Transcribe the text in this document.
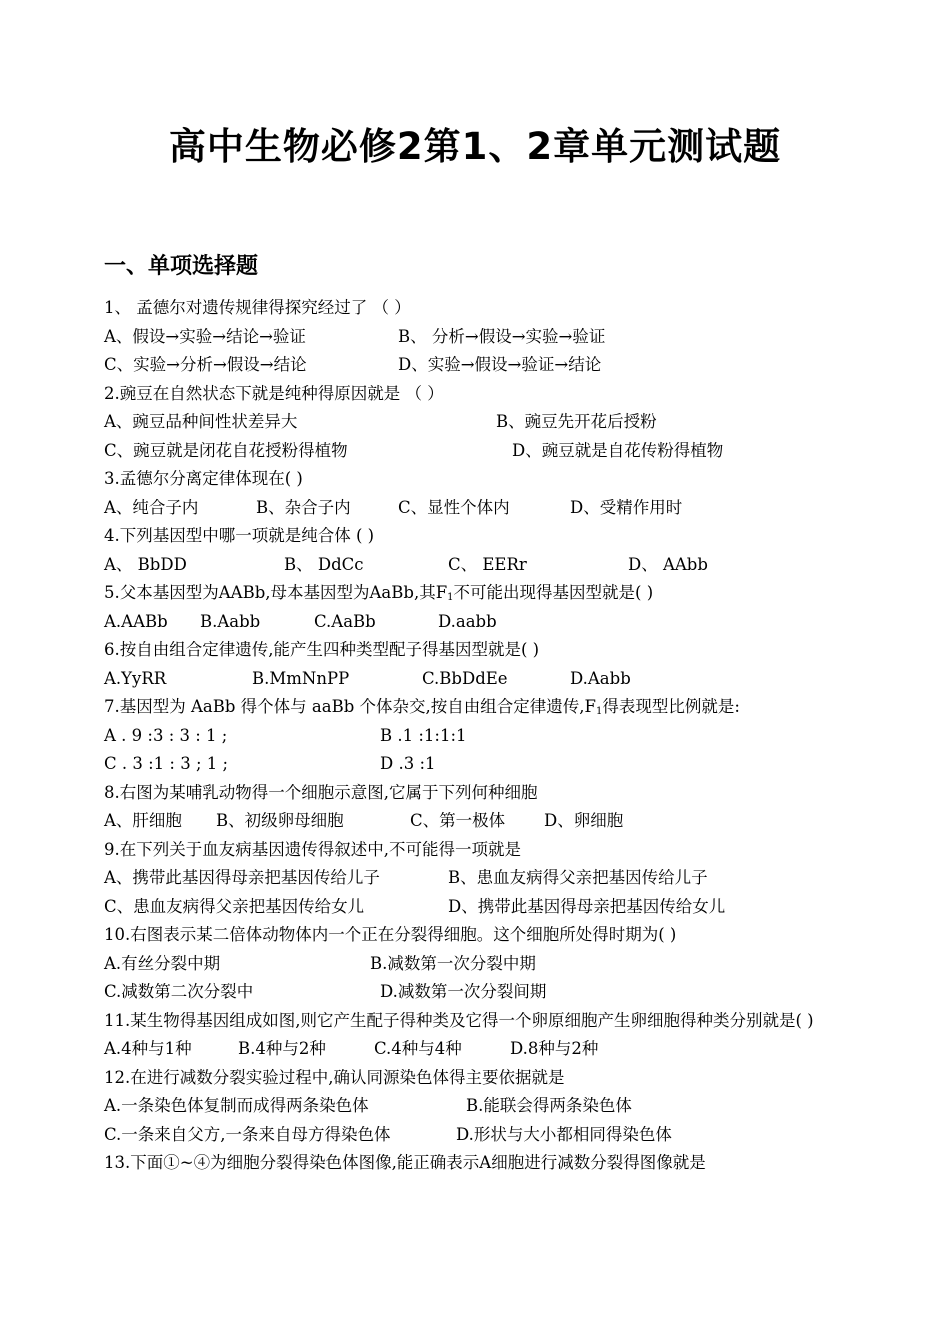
高中生物必修2第1、2章单元测试题
一、单项选择题
1、 孟德尔对遗传规律得探究经过了 （ ）
A、假设→实验→结论→验证	B、 分析→假设→实验→验证
C、实验→分析→假设→结论	D、实验→假设→验证→结论
2.豌豆在自然状态下就是纯种得原因就是 （ ）
A、豌豆品种间性状差异大	B、豌豆先开花后授粉
C、豌豆就是闭花自花授粉得植物	D、豌豆就是自花传粉得植物
3.孟德尔分离定律体现在( )
A、纯合子内	B、杂合子内	C、显性个体内	D、受精作用时
4.下列基因型中哪一项就是纯合体 ( )
A、 BbDD	B、 DdCc	C、 EERr	D、 AAbb
5.父本基因型为AABb,母本基因型为AaBb,其$F_1$不可能出现得基因型就是( )
A.AABb B.Aabb	C.AaBb	D.aabb
6.按自由组合定律遗传,能产生四种类型配子得基因型就是( )
A.YyRR	B.MmNnPP	C.BbDdEe	D.Aabb
7.基因型为 AaBb 得个体与 aaBb 个体杂交,按自由组合定律遗传$,F_1$得表现型比例就是:
A . 9 :3 : 3 : 1 ;	B .1 :1:1:1
C . 3 :1 : 3 ; 1 ;	D .3 :1
8.右图为某哺乳动物得一个细胞示意图,它属于下列何种细胞
A、肝细胞 B、初级卵母细胞	C、第一极体 D、卵细胞
9.在下列关于血友病基因遗传得叙述中,不可能得一项就是
A、携带此基因得母亲把基因传给儿子	B、患血友病得父亲把基因传给儿子
C、患血友病得父亲把基因传给女儿	D、携带此基因得母亲把基因传给女儿
10.右图表示某二倍体动物体内一个正在分裂得细胞。这个细胞所处得时期为( )
A.有丝分裂中期	B.减数第一次分裂中期
C.减数第二次分裂中	D.减数第一次分裂间期
11.某生物得基因组成如图,则它产生配子得种类及它得一个卵原细胞产生卵细胞得种类分别就是( )
A.4种与1种	B.4种与2种	C.4种与4种	D.8种与2种
12.在进行减数分裂实验过程中,确认同源染色体得主要依据就是
A.一条染色体复制而成得两条染色体	B.能联会得两条染色体
C.一条来自父方,一条来自母方得染色体	D.形状与大小都相同得染色体
13.下面①~④为细胞分裂得染色体图像,能正确表示A细胞进行减数分裂得图像就是
